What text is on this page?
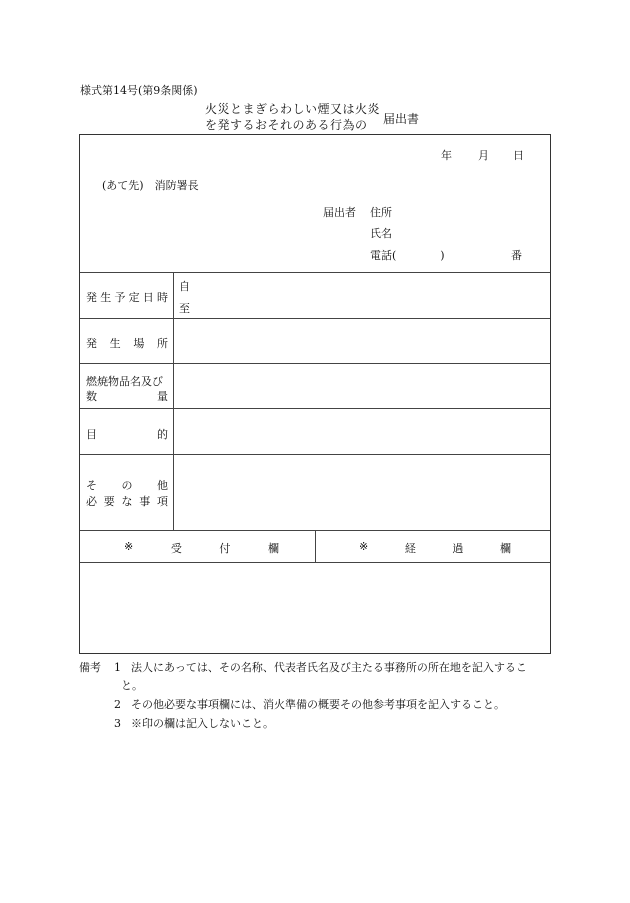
様式第14号(第9条関係)
火災とまぎらわしい煙又は火炎
を発するおそれのある行為の	届出書
年 月 日
(あて先)　消防署長
届出者 住所
氏名
電話(　　　　)	番
発 生 予 定 日 時
自
至
発 生 場 所
燃焼物品名及び
数	量
目	的
そ の 他
必 要 な 事 項
※	受	付	欄	※	経	過	欄
備考 1 法人にあっては、その名称、代表者氏名及び主たる事務所の所在地を記入するこ
と。
2 その他必要な事項欄には、消火準備の概要その他参考事項を記入すること。
3 ※印の欄は記入しないこと。
